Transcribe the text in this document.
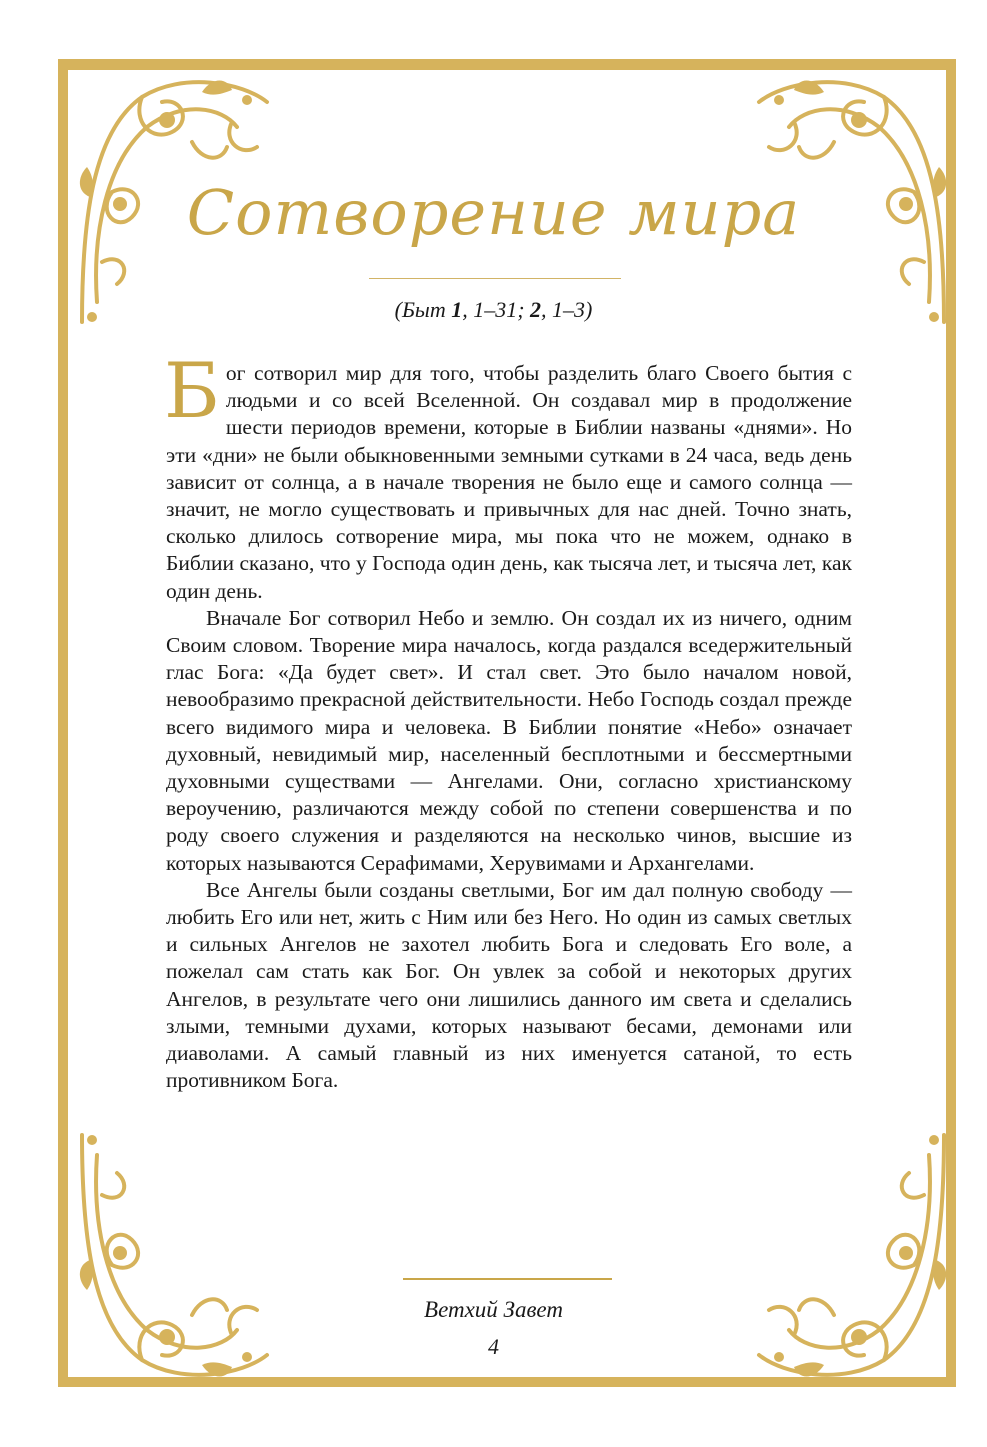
Сотворение мира
(Быт 1, 1–31; 2, 1–3)

Бог сотворил мир для того, чтобы разделить благо Своего бытия с людьми и со всей Вселенной. Он создавал мир в продолжение шести периодов времени, которые в Библии названы «днями». Но эти «дни» не были обыкновенными земными сутками в 24 часа, ведь день зависит от солнца, а в начале творения не было еще и самого солнца — значит, не могло существовать и привычных для нас дней. Точно знать, сколько длилось сотворение мира, мы пока что не можем, однако в Библии сказано, что у Господа один день, как тысяча лет, и тысяча лет, как один день.

Вначале Бог сотворил Небо и землю. Он создал их из ничего, одним Своим словом. Творение мира началось, когда раздался вседержительный глас Бога: «Да будет свет». И стал свет. Это было началом новой, невообразимо прекрасной действительности. Небо Господь создал прежде всего видимого мира и человека. В Библии понятие «Небо» означает духовный, невидимый мир, населенный бесплотными и бессмертными духовными существами — Ангелами. Они, согласно христианскому вероучению, различаются между собой по степени совершенства и по роду своего служения и разделяются на несколько чинов, высшие из которых называются Серафимами, Херувимами и Архангелами.

Все Ангелы были созданы светлыми, Бог им дал полную свободу — любить Его или нет, жить с Ним или без Него. Но один из самых светлых и сильных Ангелов не захотел любить Бога и следовать Его воле, а пожелал сам стать как Бог. Он увлек за собой и некоторых других Ангелов, в результате чего они лишились данного им света и сделались злыми, темными духами, которых называют бесами, демонами или диаволами. А самый главный из них именуется сатаной, то есть противником Бога.

Ветхий Завет
4
